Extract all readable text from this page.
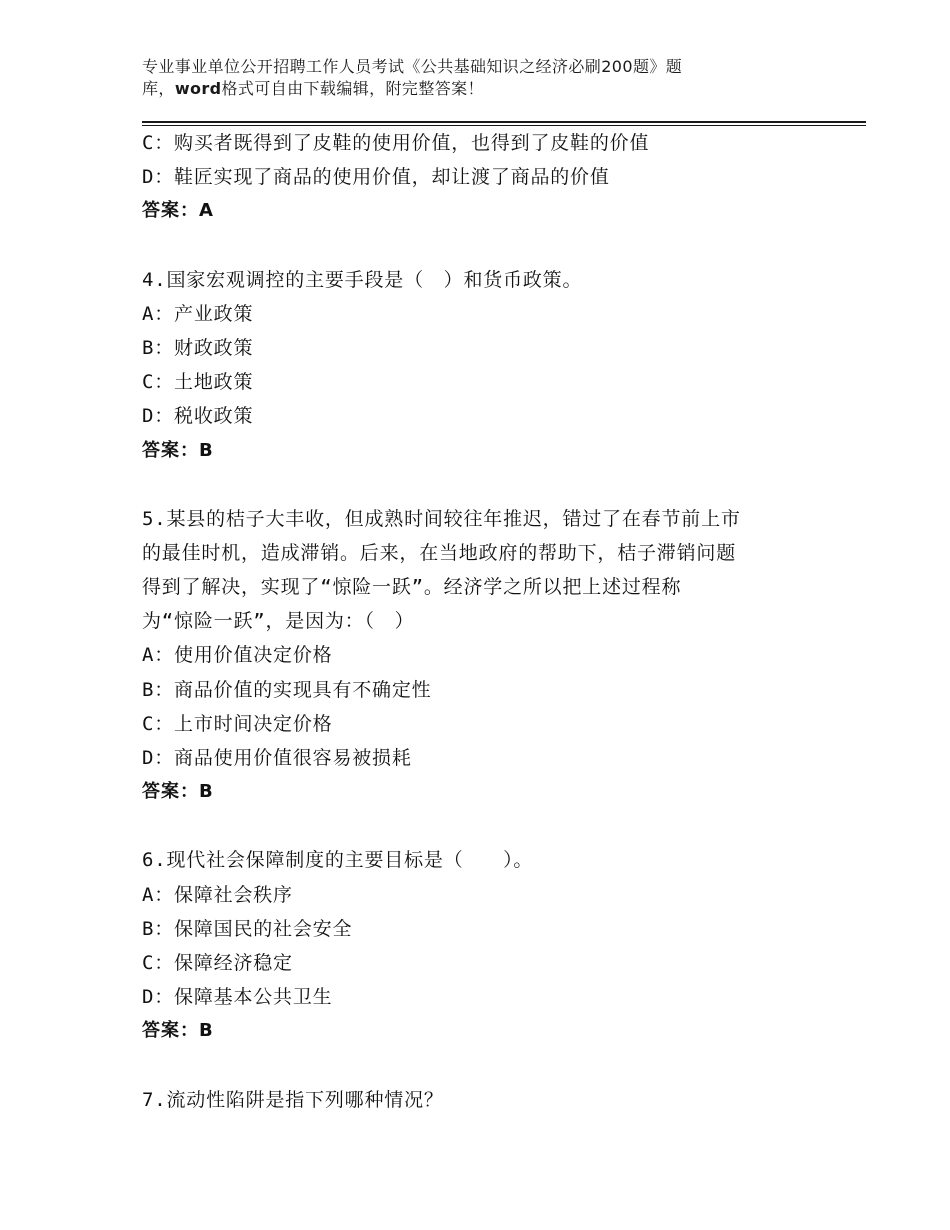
专业事业单位公开招聘工作人员考试《公共基础知识之经济必刷200题》题
库，word格式可自由下载编辑，附完整答案！
C：购买者既得到了皮鞋的使用价值，也得到了皮鞋的价值
D：鞋匠实现了商品的使用价值，却让渡了商品的价值
答案：A
4.国家宏观调控的主要手段是（　）和货币政策。
A：产业政策
B：财政政策
C：土地政策
D：税收政策
答案：B
5.某县的桔子大丰收，但成熟时间较往年推迟，错过了在春节前上市
的最佳时机，造成滞销。后来，在当地政府的帮助下，桔子滞销问题
得到了解决，实现了“惊险一跃”。经济学之所以把上述过程称
为“惊险一跃”，是因为：（　）
A：使用价值决定价格
B：商品价值的实现具有不确定性
C：上市时间决定价格
D：商品使用价值很容易被损耗
答案：B
6.现代社会保障制度的主要目标是（　　）。
A：保障社会秩序
B：保障国民的社会安全
C：保障经济稳定
D：保障基本公共卫生
答案：B
7.流动性陷阱是指下列哪种情况？
